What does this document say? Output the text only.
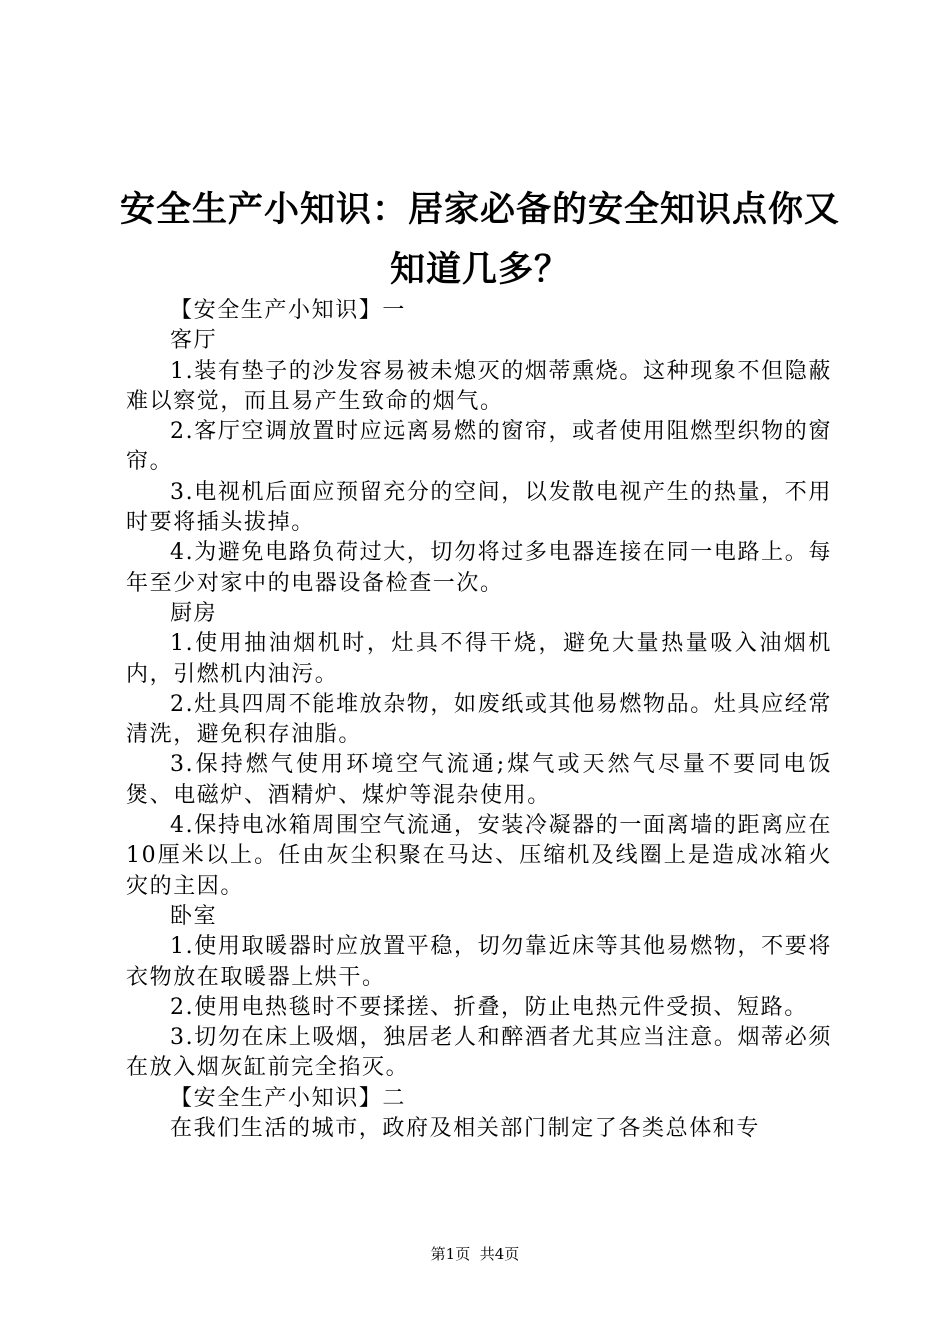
安全生产小知识：居家必备的安全知识点你又
知道几多？

【安全生产小知识】一

客厅

1.装有垫子的沙发容易被未熄灭的烟蒂熏烧。这种现象不但隐蔽难以察觉，而且易产生致命的烟气。

2.客厅空调放置时应远离易燃的窗帘，或者使用阻燃型织物的窗帘。

3.电视机后面应预留充分的空间，以发散电视产生的热量，不用时要将插头拔掉。

4.为避免电路负荷过大，切勿将过多电器连接在同一电路上。每年至少对家中的电器设备检查一次。

厨房

1.使用抽油烟机时，灶具不得干烧，避免大量热量吸入油烟机内，引燃机内油污。

2.灶具四周不能堆放杂物，如废纸或其他易燃物品。灶具应经常清洗，避免积存油脂。

3.保持燃气使用环境空气流通;煤气或天然气尽量不要同电饭煲、电磁炉、酒精炉、煤炉等混杂使用。

4.保持电冰箱周围空气流通，安装冷凝器的一面离墙的距离应在10厘米以上。任由灰尘积聚在马达、压缩机及线圈上是造成冰箱火灾的主因。

卧室

1.使用取暖器时应放置平稳，切勿靠近床等其他易燃物，不要将衣物放在取暖器上烘干。

2.使用电热毯时不要揉搓、折叠，防止电热元件受损、短路。

3.切勿在床上吸烟，独居老人和醉酒者尤其应当注意。烟蒂必须在放入烟灰缸前完全掐灭。

【安全生产小知识】二

在我们生活的城市，政府及相关部门制定了各类总体和专

第1页 共4页
